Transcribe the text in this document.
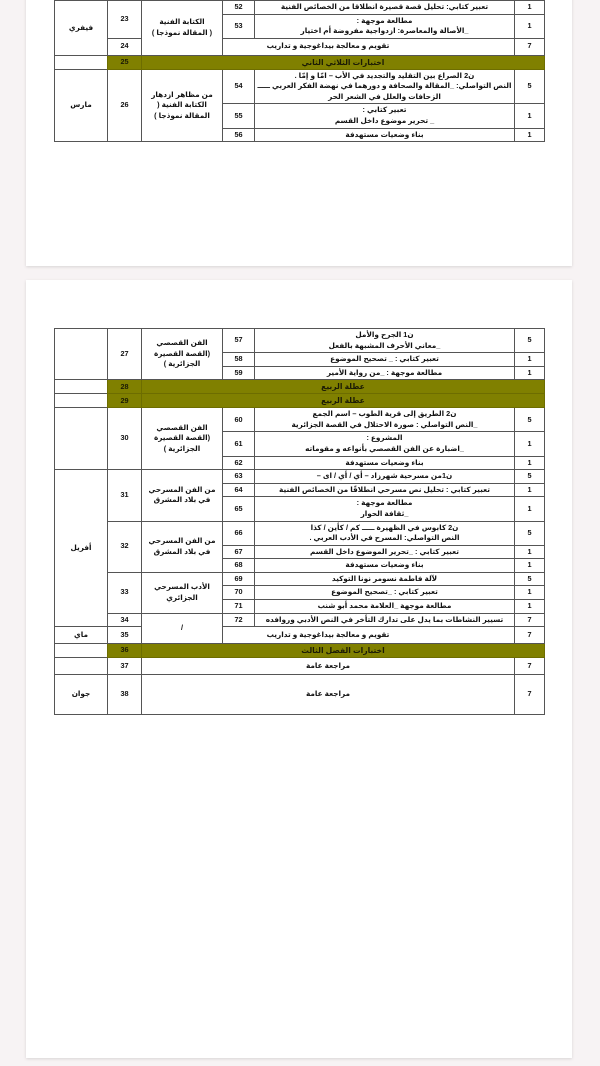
1	تعبير كتابي: تحليل قصة قصيرة انطلاقا من الخصائص الفنية	52	الكتابة الفنية
( المقالة نموذجا )	23	فيفري

1	مطالعة موجهة :
_الأصالة والمعاصرة: ازدواجية مفروضة أم اختيار	53			

7	تقويم و معالجة بيداغوجية و تداريب			24	

اختبارات الثلاثي الثاني				25	

5	ن2 الصراع بين التقليد والتجديد في الأب – امّا و إمّا .
النص التواصلي: _المقالة والصحافة و دورهما في نهضة الفكر العربي ـــــ الزحافات والعلل في الشعر الحر	54	من مظاهر ازدهار الكتابة الفنية ( المقالة نموذجا )	26	مارس

1	تعبير كتابي :
_ تحرير موضوع داخل القسم	55			

1	بناء وضعيات مستهدفة	56			
5	ن1 الجرح والأمل
_معاني الأحرف المشبهة بالفعل	57	الفن القصصي (القصة القصيرة الجزائرية )	27	

1	تعبير كتابي : _ تصحيح الموضوع	58			

1	مطالعة موجهة : _من رواية الأمير	59			

عطلة الربيع				28	

عطلة الربيع				29	

5	ن2 الطريق إلى قرية الطوب – اسم الجمع
_النص التواصلي : صورة الاحتلال في القصة الجزائرية	60	الفن القصصي (القصة القصيرة الجزائرية )	30	

1	المشروع :
_اضبارة عن الفن القصصي بأنواعه و مقوماته	61			

1	بناء وضعيات مستهدفة	62			

5	ن1من مسرحية شهرزاد – أي / أي / اى –	63	من الفن المسرحي في بلاد المشرق	31	أفريل

1	تعبير كتابي : تحليل نص مسرحي انطلاقًا من الخصائص الفنية	64			

1	مطالعة موجهة :
_ثقافة الحوار	65			

5	ن2 كابوس في الظهيرة ـــــ كم / كأين / كذا
النص التواصلي: المسرح في الأدب العربي .	66	من الفن المسرحي في بلاد المشرق	32	

1	تعبير كتابي : _تحرير الموضوع داخل القسم	67			

1	بناء وضعيات مستهدفة	68			

5	لآلة فاطمة نسومر نونا التوكيد	69	الأدب المسرحي الجزائري	33	

1	تعبير كتابي : _تصحيح الموضوع	70			

1	مطالعة موجهة _العلامة محمد أبو شنب	71			

7	تسيير النشاطات بما يدل على تدارك التأخر في النص الأدبي وروافده	72	/	34	

7	تقويم و معالجة بيداغوجية و تداريب			35	ماي

اختبارات الفصل الثالث				36	

7	مراجعة عامة			37	

7	مراجعة عامة			38	جوان
